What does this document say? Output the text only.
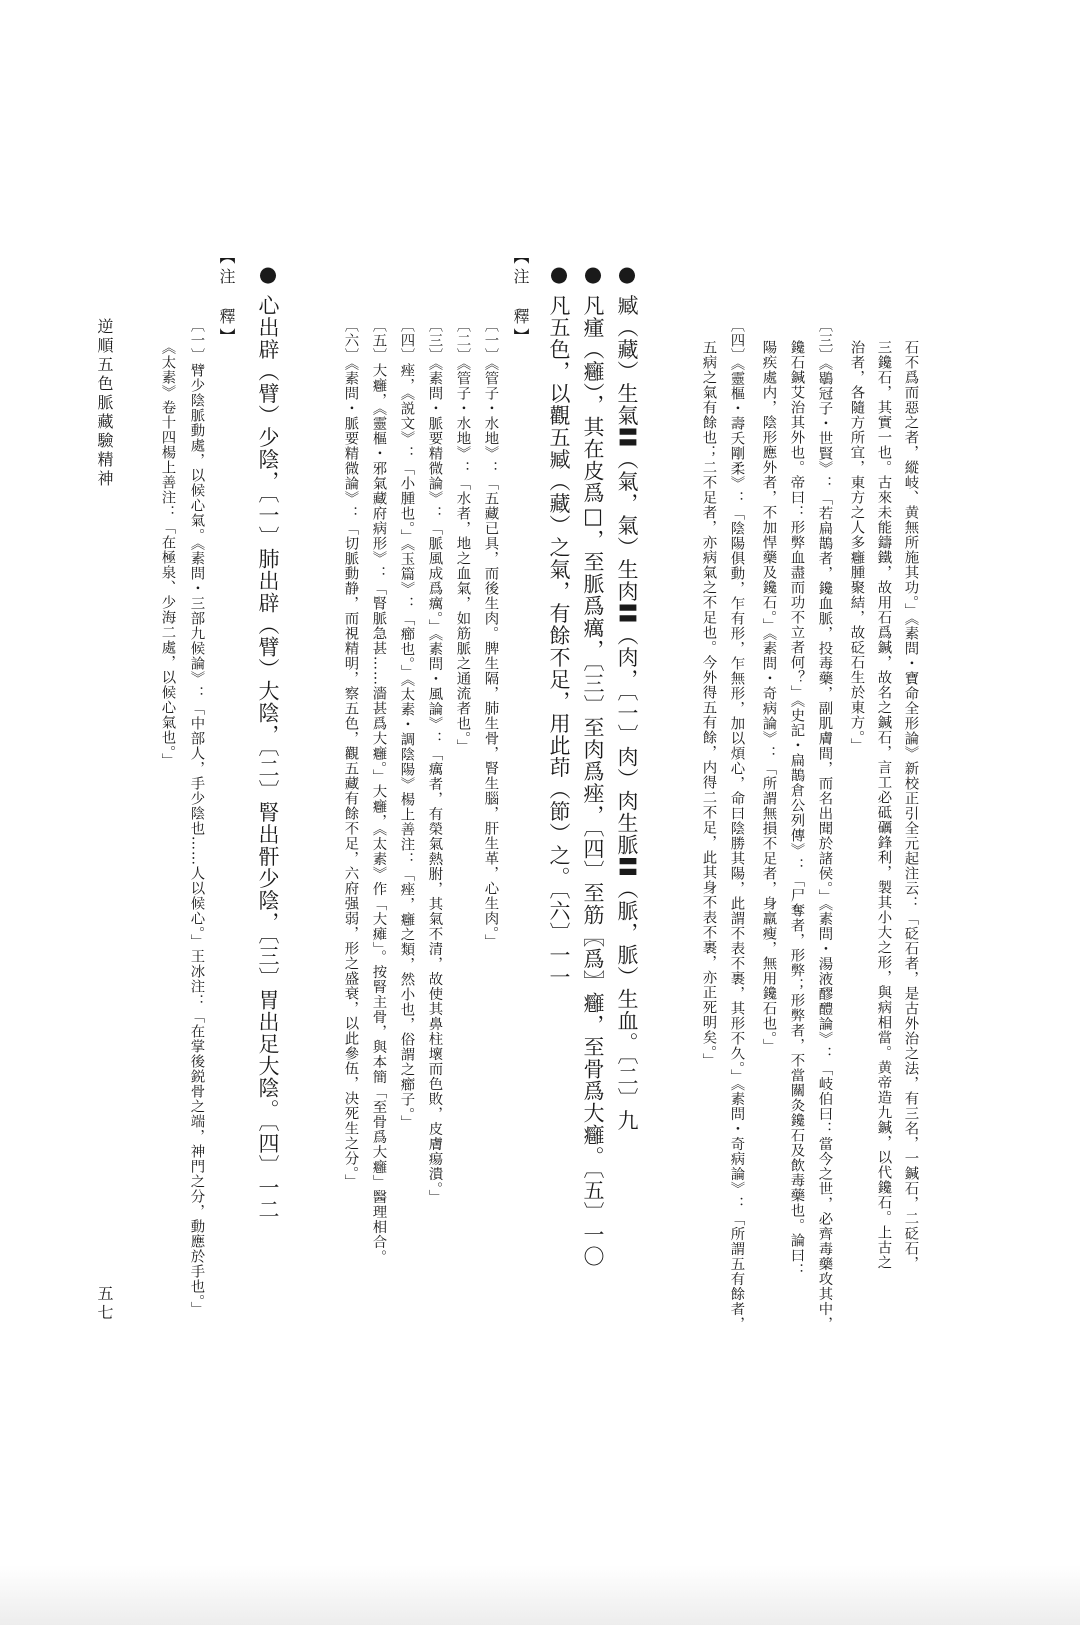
石不爲而惡之者，縱岐、黄無所施其功。」《素問・寶命全形論》新校正引全元起注云：「砭石者，是古外治之法，有三名，一鍼石，二砭石，
三鑱石，其實一也。古來未能鑄鐵，故用石爲鍼，故名之鍼石，言工必砥礪鋒利，製其小大之形，與病相當。黄帝造九鍼，以代鑱石。上古之
治者，各隨方所宜，東方之人多癰腫聚結，故砭石生於東方。」
〔三〕《鶡冠子・世賢》：「若扁鵲者，鑱血脈，投毒藥，副肌膚間，而名出聞於諸侯。」《素問・湯液醪醴論》：「岐伯曰：當今之世，必齊毒藥攻其中，
鑱石鍼艾治其外也。帝曰：形弊血盡而功不立者何？」《史記・扁鵲倉公列傳》：「尸奪者，形弊；形弊者，不當關灸鑱石及飲毒藥也。論曰：
陽疾處内，陰形應外者，不加悍藥及鑱石。」《素問・奇病論》：「所謂無損不足者，身羸瘦，無用鑱石也。」
〔四〕《靈樞・壽夭剛柔》：「陰陽俱動，乍有形，乍無形，加以煩心，命曰陰勝其陽，此謂不表不裹，其形不久。」《素問・奇病論》：「所謂五有餘者，
五病之氣有餘也；二不足者，亦病氣之不足也。今外得五有餘，内得二不足，此其身不表不裹，亦正死明矣。」
● 臧（藏）生氣〓（氣，氣）生肉〓（肉，〔一〕肉）肉生脈〓（脈，脈）生血。〔二〕九
● 凡瘇（癰），其在皮爲□，至脈爲癘，〔三〕至肉爲痤，〔四〕至筋〖爲〗癰，至骨爲大癰。〔五〕一〇
● 凡五色，以觀五臧（藏）之氣，有餘不足，用此茚（節）之。〔六〕一一
【注　釋】
〔一〕《管子・水地》：「五藏已具，而後生肉。脾生隔，肺生骨，腎生腦，肝生革，心生肉。」
〔二〕《管子・水地》：「水者，地之血氣，如筋脈之通流者也。」
〔三〕《素問・脈要精微論》：「脈風成爲癘。」《素問・風論》：「癘者，有榮氣熱胕，其氣不清，故使其鼻柱壞而色敗，皮膚瘍潰。」
〔四〕痤，《説文》：「小腫也。」《玉篇》：「癤也。」《太素・調陰陽》楊上善注：「痤，癰之類，然小也，俗謂之癤子。」
〔五〕大癰，《靈樞・邪氣藏府病形》：「腎脈急甚……濇甚爲大癰。」大癰，《太素》作「大瘫」。按腎主骨，與本簡「至骨爲大癰」醫理相合。
〔六〕《素問・脈要精微論》：「切脈動静，而視精明，察五色，觀五藏有餘不足，六府强弱，形之盛衰，以此參伍，决死生之分。」
● 心出辟（臂）少陰，〔一〕肺出辟（臂）大陰，〔二〕腎出骭少陰，〔三〕胃出足大陰。〔四〕一二
【注　釋】
〔一〕臂少陰脈動處，以候心氣。《素問・三部九候論》：「中部人，手少陰也……人以候心。」王冰注：「在掌後鋭骨之端，神門之分，動應於手也。」
《太素》卷十四楊上善注：「在極泉、少海二處，以候心氣也。」
逆順五色脈藏驗精神
五七
